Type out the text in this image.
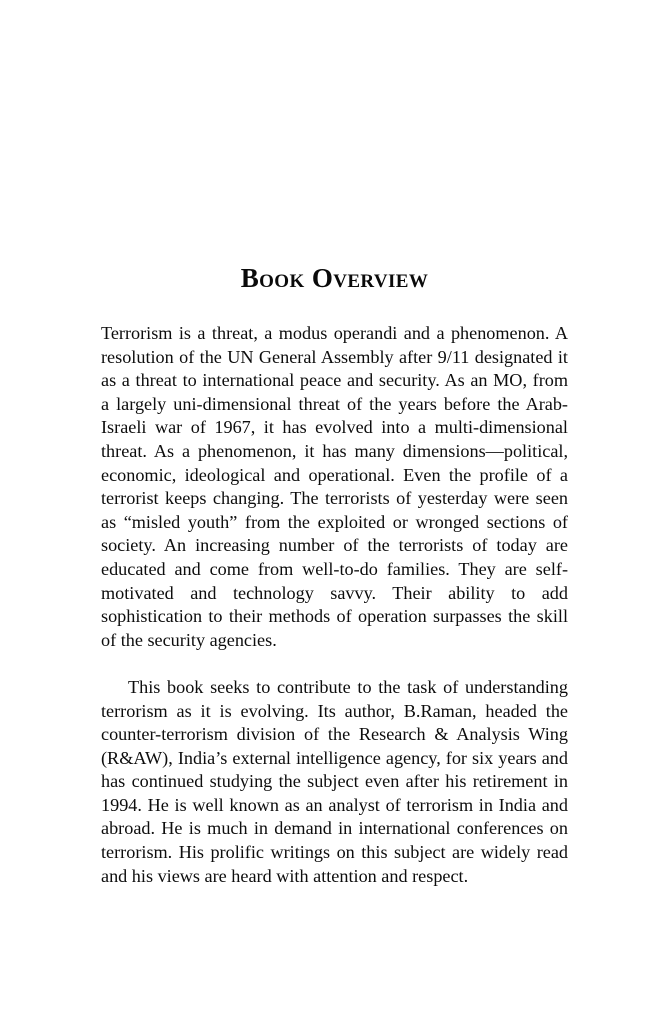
Book Overview

Terrorism is a threat, a modus operandi and a phenomenon. A resolution of the UN General Assembly after 9/11 designated it as a threat to international peace and security. As an MO, from a largely uni-dimensional threat of the years before the Arab-Israeli war of 1967, it has evolved into a multi-dimensional threat. As a phenomenon, it has many dimensions—political, economic, ideological and operational. Even the profile of a terrorist keeps changing. The terrorists of yesterday were seen as “misled youth” from the exploited or wronged sections of society. An increasing number of the terrorists of today are educated and come from well-to-do families. They are self-motivated and technology savvy. Their ability to add sophistication to their methods of operation surpasses the skill of the security agencies.

This book seeks to contribute to the task of understanding terrorism as it is evolving. Its author, B.Raman, headed the counter-terrorism division of the Research & Analysis Wing (R&AW), India’s external intelligence agency, for six years and has continued studying the subject even after his retirement in 1994. He is well known as an analyst of terrorism in India and abroad. He is much in demand in international conferences on terrorism. His prolific writings on this subject are widely read and his views are heard with attention and respect.
